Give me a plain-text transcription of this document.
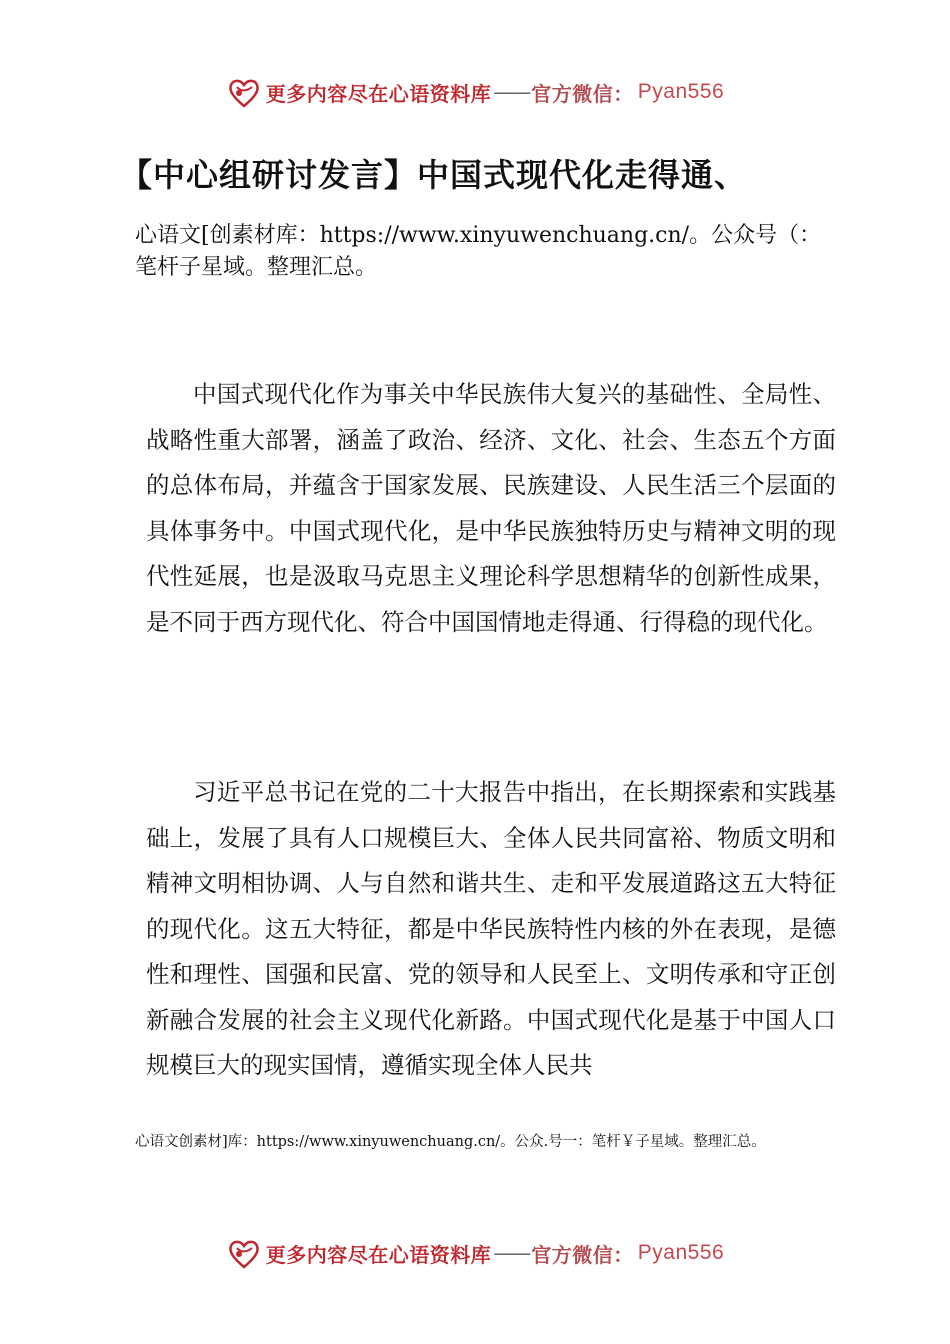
更多内容尽在心语资料库 —— 官方微信： Pyan556
【中心组研讨发言】中国式现代化走得通、
心语文[创素材库：https://www.xinyuwenchuang.cn/。公众号（：笔杆子星域。整理汇总。
中国式现代化作为事关中华民族伟大复兴的基础性、全局性、战略性重大部署，涵盖了政治、经济、文化、社会、生态五个方面的总体布局，并蕴含于国家发展、民族建设、人民生活三个层面的具体事务中。中国式现代化，是中华民族独特历史与精神文明的现代性延展，也是汲取马克思主义理论科学思想精华的创新性成果，是不同于西方现代化、符合中国国情地走得通、行得稳的现代化。
习近平总书记在党的二十大报告中指出，在长期探索和实践基础上，发展了具有人口规模巨大、全体人民共同富裕、物质文明和精神文明相协调、人与自然和谐共生、走和平发展道路这五大特征的现代化。这五大特征，都是中华民族特性内核的外在表现，是德性和理性、国强和民富、党的领导和人民至上、文明传承和守正创新融合发展的社会主义现代化新路。中国式现代化是基于中国人口规模巨大的现实国情，遵循实现全体人民共
心语文创素材]库：https://www.xinyuwenchuang.cn/。公众.号一：笔杆￥子星域。整理汇总。
更多内容尽在心语资料库 —— 官方微信： Pyan556
